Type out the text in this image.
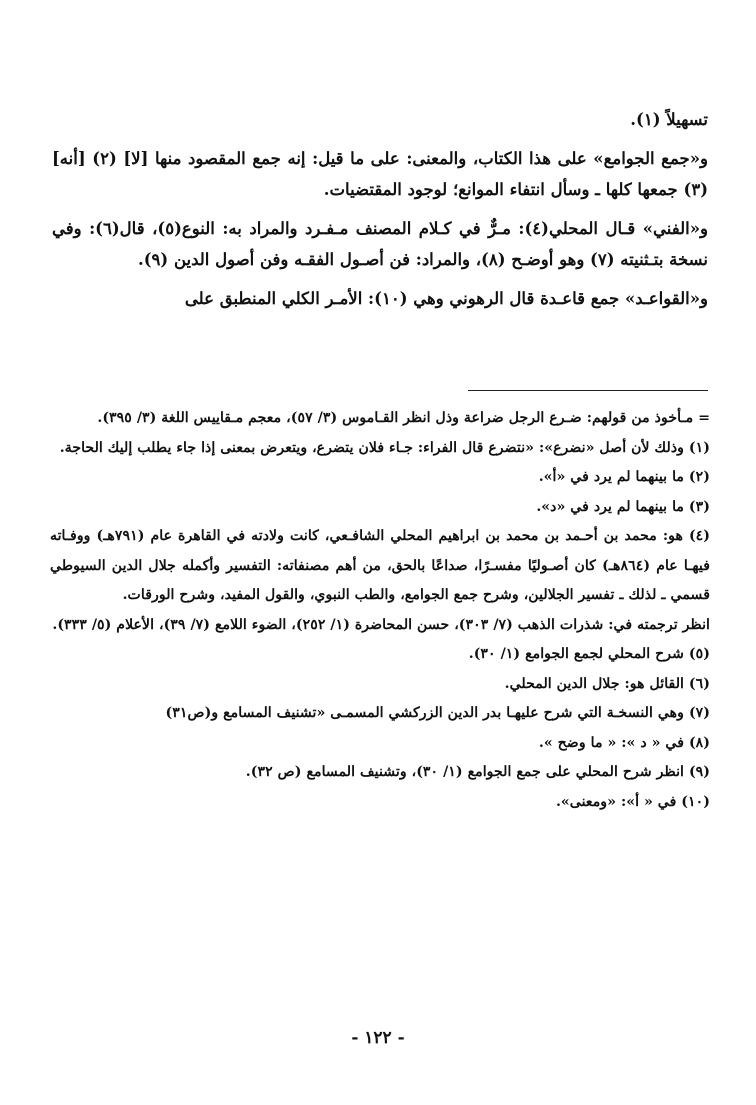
تسهيلاً (١).

و«جمع الجوامع» على هذا الكتاب، والمعنى: على ما قيل: إنه جمع المقصود منها [لا] (٢) [أنه] (٣) جمعها كلها ـ وسأل انتفاء الموانع؛ لوجود المقتضيات.

و«الفني» قـال المحلي(٤): مـرٌّ في كـلام المصنف مـفـرد والمراد به: النوع(٥)، قال(٦): وفي نسخة بتـثنيته (٧) وهو أوضـح (٨)، والمراد: فن أصـول الفقـه وفن أصول الدين (٩).

و«القواعـد» جمع قاعـدة قال الرهوني وهي (١٠): الأمـر الكلي المنطبق على

= مـأخوذ من قولهم: ضـرع الرجل ضراعة وذل انظر القـاموس (٣/ ٥٧)، معجم مـقاييس اللغة (٣/ ٣٩٥).

(١) وذلك لأن أصل «نضرع»: «نتضرع قال الفراء: جـاء فلان يتضرع، ويتعرض بمعنى إذا جاء يطلب إليك الحاجة.

(٢) ما بينهما لم يرد في «أ».

(٣) ما بينهما لم يرد في «د».

(٤) هو: محمد بن أحـمد بن محمد بن ابراهيم المحلي الشافـعي، كانت ولادته في القاهرة عام (٧٩١هـ) ووفـاته فيهـا عام (٨٦٤هـ) كان أصـوليًا مفسـرًا، صداعًا بالحق، من أهم مصنفاته: التفسير وأكمله جلال الدين السيوطي قسمي ـ لذلك ـ تفسير الجلالين، وشرح جمع الجوامع، والطب النبوي، والقول المفيد، وشرح الورقات.

انظر ترجمته في: شذرات الذهب (٧/ ٣٠٣)، حسن المحاضرة (١/ ٢٥٢)، الضوء اللامع (٧/ ٣٩)، الأعلام (٥/ ٣٣٣).

(٥) شرح المحلي لجمع الجوامع (١/ ٣٠).

(٦) القائل هو: جلال الدين المحلي.

(٧) وهي النسخـة التي شرح عليهـا بدر الدين الزركشي المسمـى «تشنيف المسامع و(ص٣١)

(٨) في « د »: « ما وضح ».

(٩) انظر شرح المحلي على جمع الجوامع (١/ ٣٠)، وتشنيف المسامع (ص ٣٢).

(١٠) في « أ»: «ومعنى».

- ١٢٢ -
